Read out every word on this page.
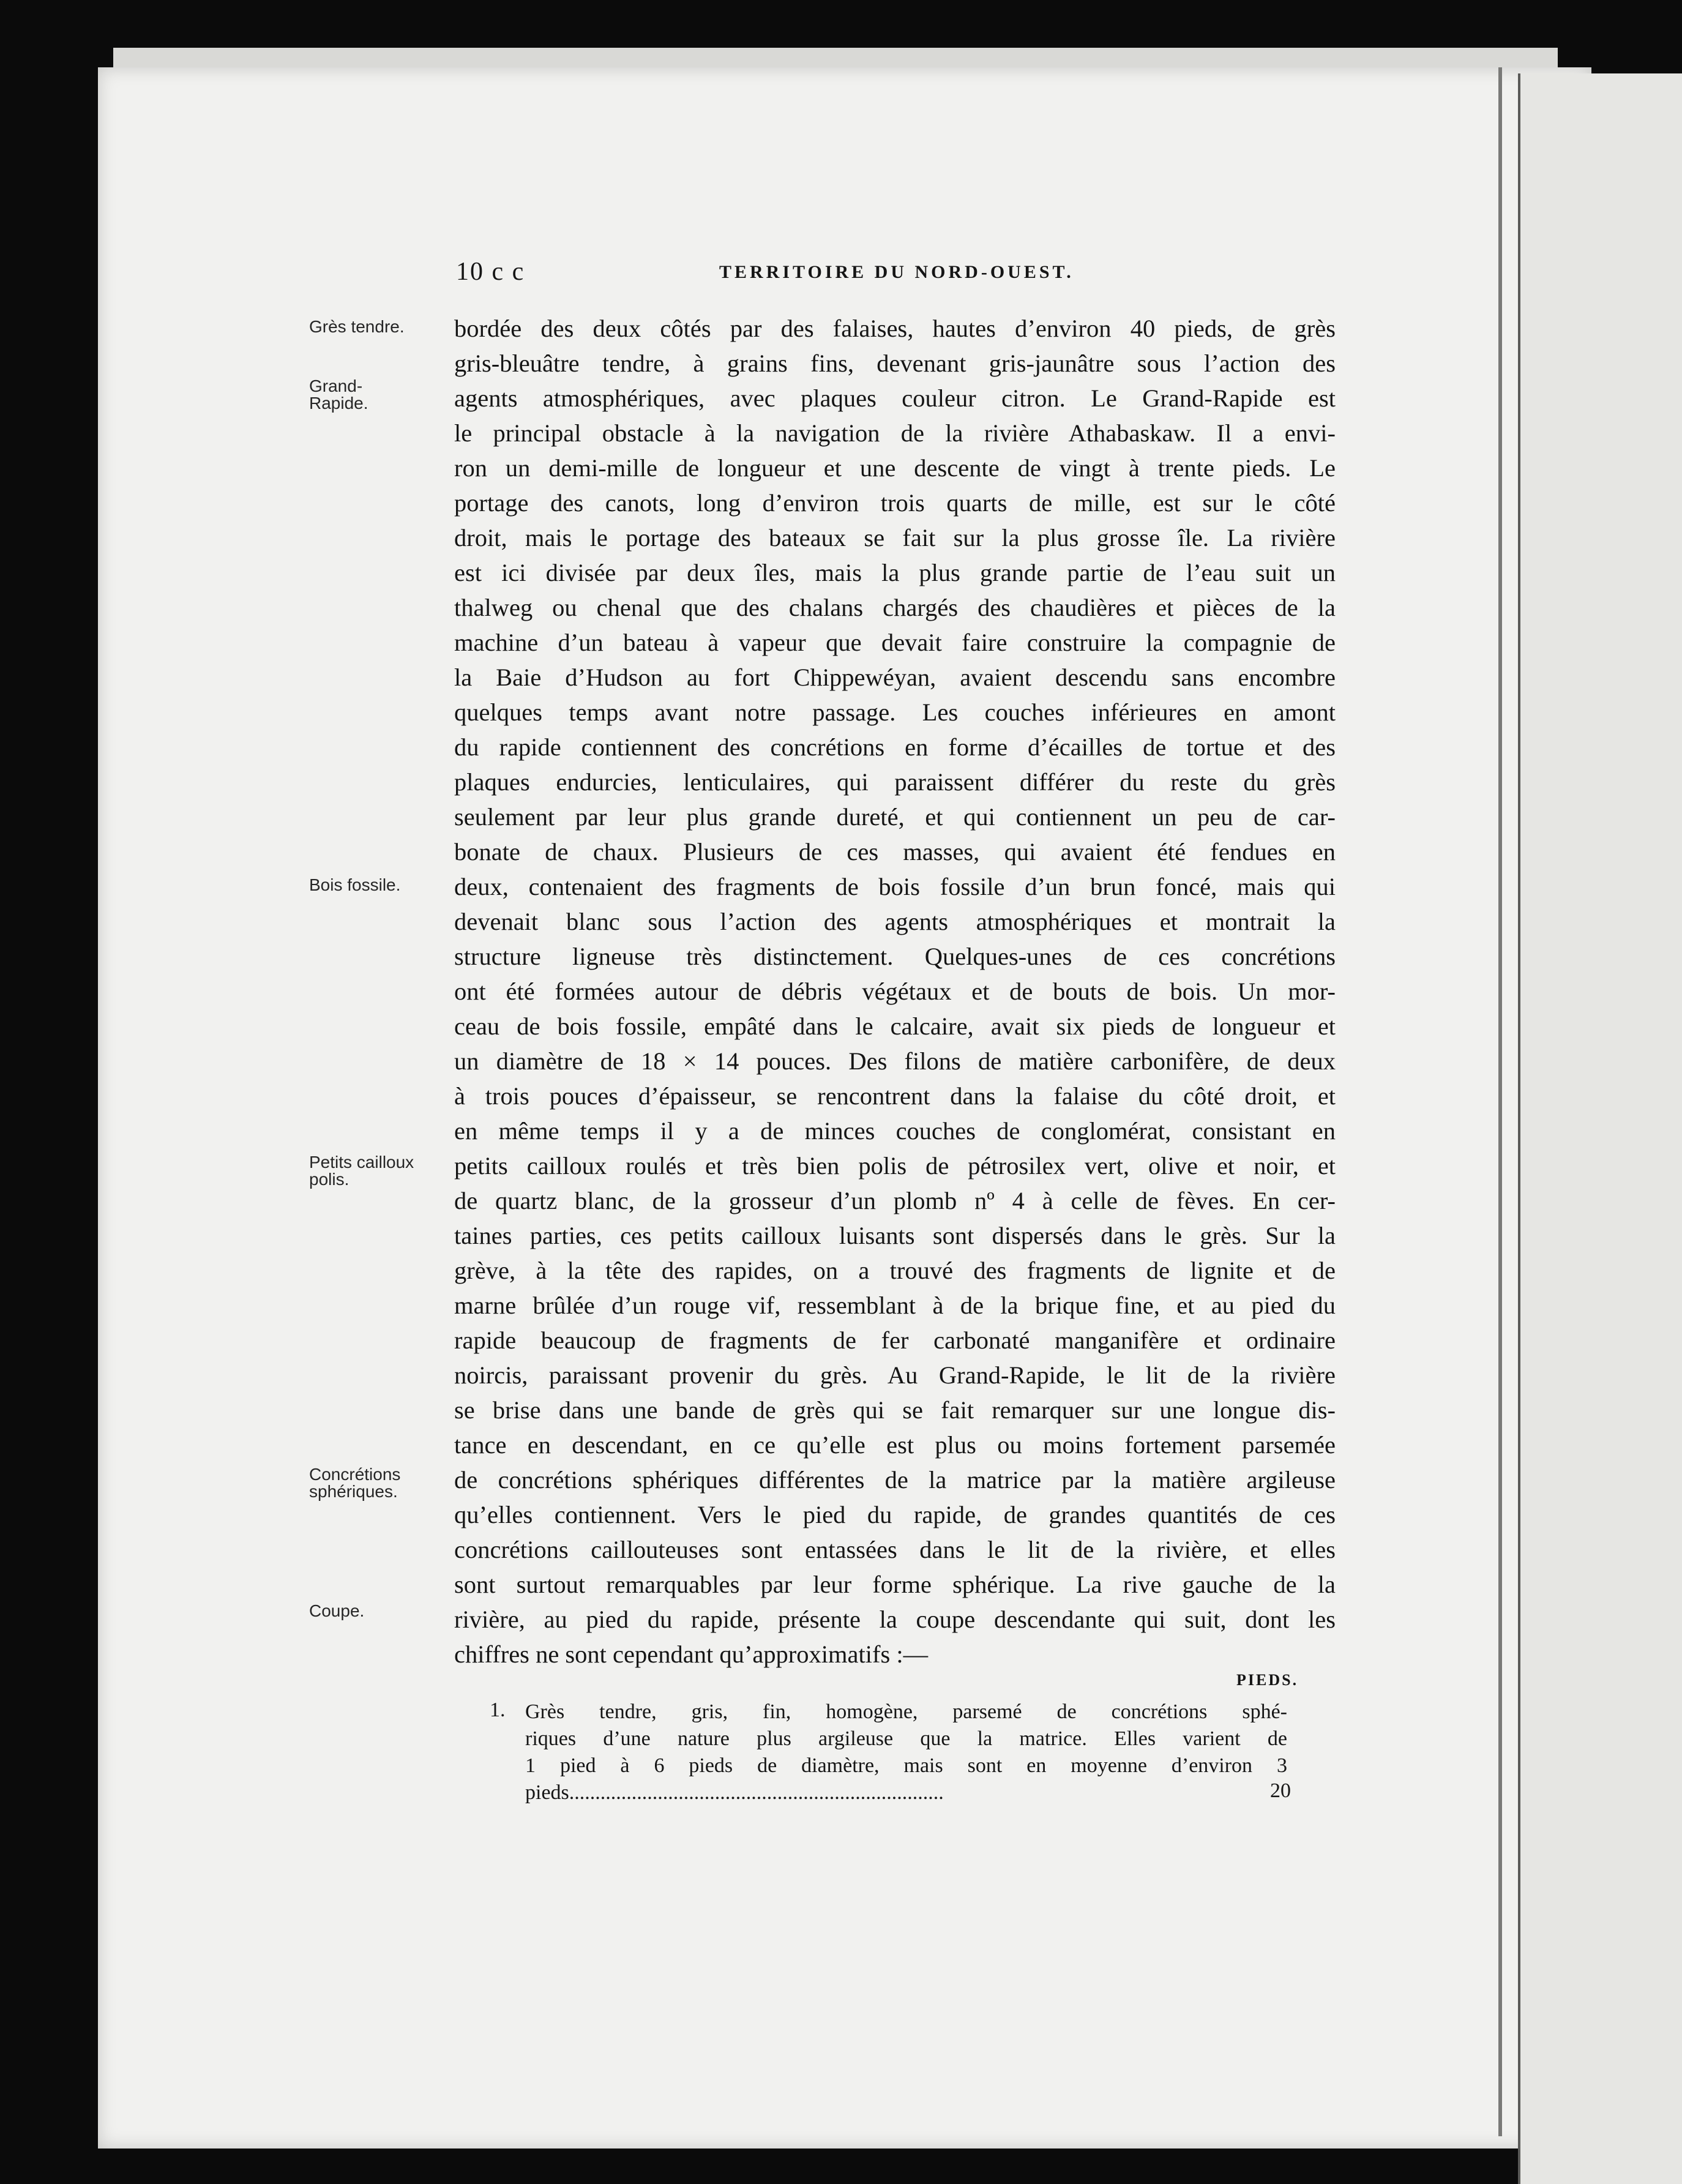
10 c c	TERRITOIRE DU NORD-OUEST.
Grès tendre.
Grand-
Rapide.
Bois fossile.
Petits cailloux
polis.
Concrétions
sphériques.
Coupe.
bordée des deux côtés par des falaises, hautes d’environ 40 pieds, de grès
gris-bleuâtre tendre, à grains fins, devenant gris-jaunâtre sous l’action des
agents atmosphériques, avec plaques couleur citron. Le Grand-Rapide est
le principal obstacle à la navigation de la rivière Athabaskaw. Il a envi-
ron un demi-mille de longueur et une descente de vingt à trente pieds. Le
portage des canots, long d’environ trois quarts de mille, est sur le côté
droit, mais le portage des bateaux se fait sur la plus grosse île. La rivière
est ici divisée par deux îles, mais la plus grande partie de l’eau suit un
thalweg ou chenal que des chalans chargés des chaudières et pièces de la
machine d’un bateau à vapeur que devait faire construire la compagnie de
la Baie d’Hudson au fort Chippewéyan, avaient descendu sans encombre
quelques temps avant notre passage. Les couches inférieures en amont
du rapide contiennent des concrétions en forme d’écailles de tortue et des
plaques endurcies, lenticulaires, qui paraissent différer du reste du grès
seulement par leur plus grande dureté, et qui contiennent un peu de car-
bonate de chaux. Plusieurs de ces masses, qui avaient été fendues en
deux, contenaient des fragments de bois fossile d’un brun foncé, mais qui
devenait blanc sous l’action des agents atmosphériques et montrait la
structure ligneuse très distinctement. Quelques-unes de ces concrétions
ont été formées autour de débris végétaux et de bouts de bois. Un mor-
ceau de bois fossile, empâté dans le calcaire, avait six pieds de longueur et
un diamètre de 18 × 14 pouces. Des filons de matière carbonifère, de deux
à trois pouces d’épaisseur, se rencontrent dans la falaise du côté droit, et
en même temps il y a de minces couches de conglomérat, consistant en
petits cailloux roulés et très bien polis de pétrosilex vert, olive et noir, et
de quartz blanc, de la grosseur d’un plomb nº 4 à celle de fèves. En cer-
taines parties, ces petits cailloux luisants sont dispersés dans le grès. Sur la
grève, à la tête des rapides, on a trouvé des fragments de lignite et de
marne brûlée d’un rouge vif, ressemblant à de la brique fine, et au pied du
rapide beaucoup de fragments de fer carbonaté manganifère et ordinaire
noircis, paraissant provenir du grès. Au Grand-Rapide, le lit de la rivière
se brise dans une bande de grès qui se fait remarquer sur une longue dis-
tance en descendant, en ce qu’elle est plus ou moins fortement parsemée
de concrétions sphériques différentes de la matrice par la matière argileuse
qu’elles contiennent. Vers le pied du rapide, de grandes quantités de ces
concrétions caillouteuses sont entassées dans le lit de la rivière, et elles
sont surtout remarquables par leur forme sphérique. La rive gauche de la
rivière, au pied du rapide, présente la coupe descendante qui suit, dont les
chiffres ne sont cependant qu’approximatifs :—
PIEDS.
1. Grès tendre, gris, fin, homogène, parsemé de concrétions sphé-
riques d’une nature plus argileuse que la matrice. Elles varient de
1 pied à 6 pieds de diamètre, mais sont en moyenne d’environ 3
pieds........................................................................	20
